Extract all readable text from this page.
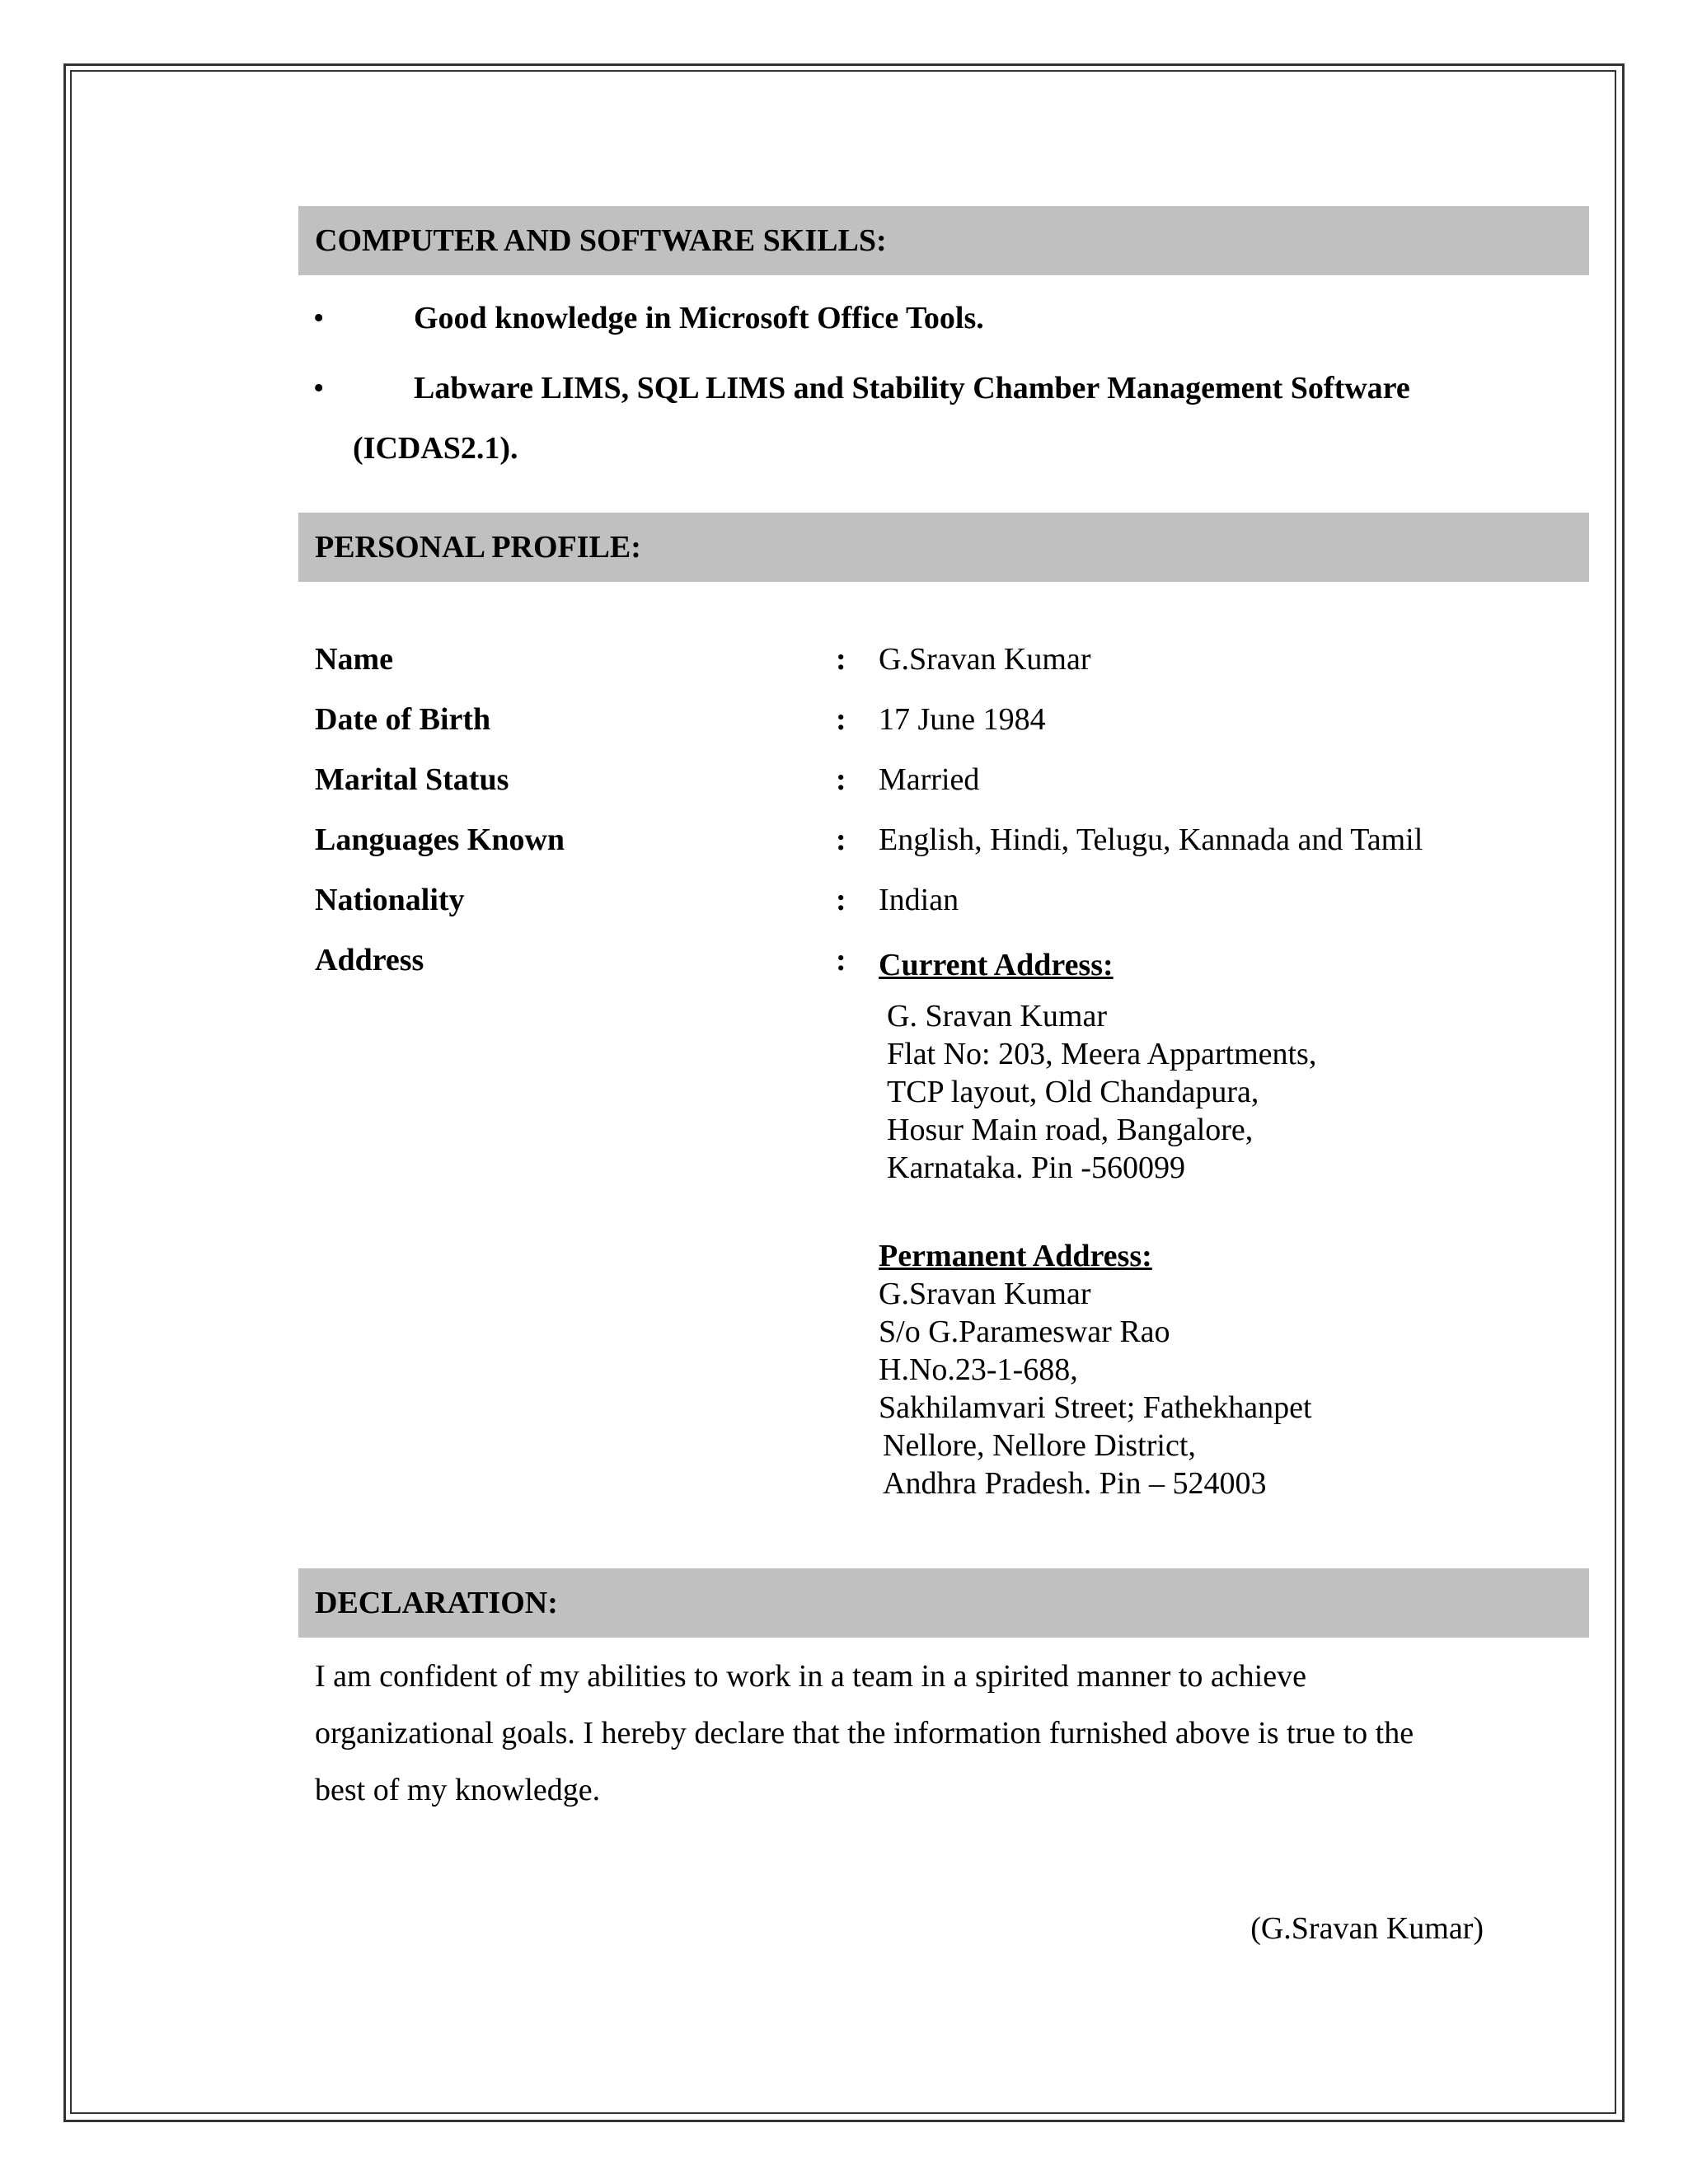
COMPUTER AND SOFTWARE SKILLS:
•	Good knowledge in Microsoft Office Tools.
•	Labware LIMS, SQL LIMS and Stability Chamber Management Software
(ICDAS2.1).
PERSONAL PROFILE:
Name	: G.Sravan Kumar
Date of Birth	: 17 June 1984
Marital Status	: Married
Languages Known	: English, Hindi, Telugu, Kannada and Tamil
Nationality	: Indian
Address	: Current Address:
G. Sravan Kumar
Flat No: 203, Meera Appartments,
TCP layout, Old Chandapura,
Hosur Main road, Bangalore,
Karnataka. Pin -560099
Permanent Address:
G.Sravan Kumar
S/o G.Parameswar Rao
H.No.23-1-688,
Sakhilamvari Street; Fathekhanpet
Nellore, Nellore District,
Andhra Pradesh. Pin – 524003
DECLARATION:
I am confident of my abilities to work in a team in a spirited manner to achieve
organizational goals. I hereby declare that the information furnished above is true to the
best of my knowledge.
(G.Sravan Kumar)
